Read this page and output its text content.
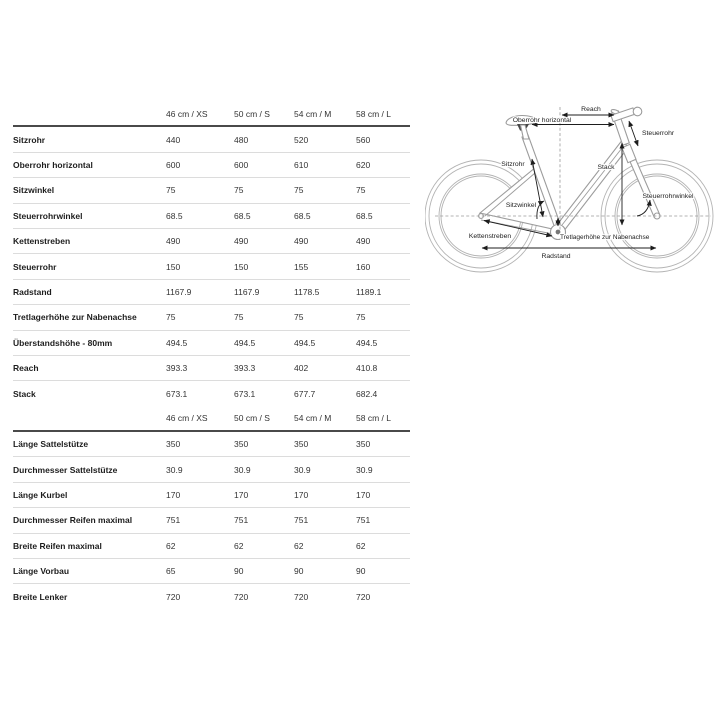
46 cm / XS	50 cm / S	54 cm / M	58 cm / L
Sitzrohr	440	480	520	560
Oberrohr horizontal	600	600	610	620
Sitzwinkel	75	75	75	75
Steuerrohrwinkel	68.5	68.5	68.5	68.5
Kettenstreben	490	490	490	490
Steuerrohr	150	150	155	160
Radstand	1167.9	1167.9	1178.5	1189.1
Tretlagerhöhe zur Nabenachse	75	75	75	75
Überstandshöhe - 80mm	494.5	494.5	494.5	494.5
Reach	393.3	393.3	402	410.8
Stack	673.1	673.1	677.7	682.4
46 cm / XS	50 cm / S	54 cm / M	58 cm / L
Länge Sattelstütze	350	350	350	350
Durchmesser Sattelstütze	30.9	30.9	30.9	30.9
Länge Kurbel	170	170	170	170
Durchmesser Reifen maximal	751	751	751	751
Breite Reifen maximal	62	62	62	62
Länge Vorbau	65	90	90	90
Breite Lenker	720	720	720	720
Reach
Oberrohr horizontal
Steuerrohr
Sitzrohr	Stack
Steuerrohrwinkel
Sitzwinkel
Kettenstreben	Tretlagerhöhe zur Nabenachse
Radstand
